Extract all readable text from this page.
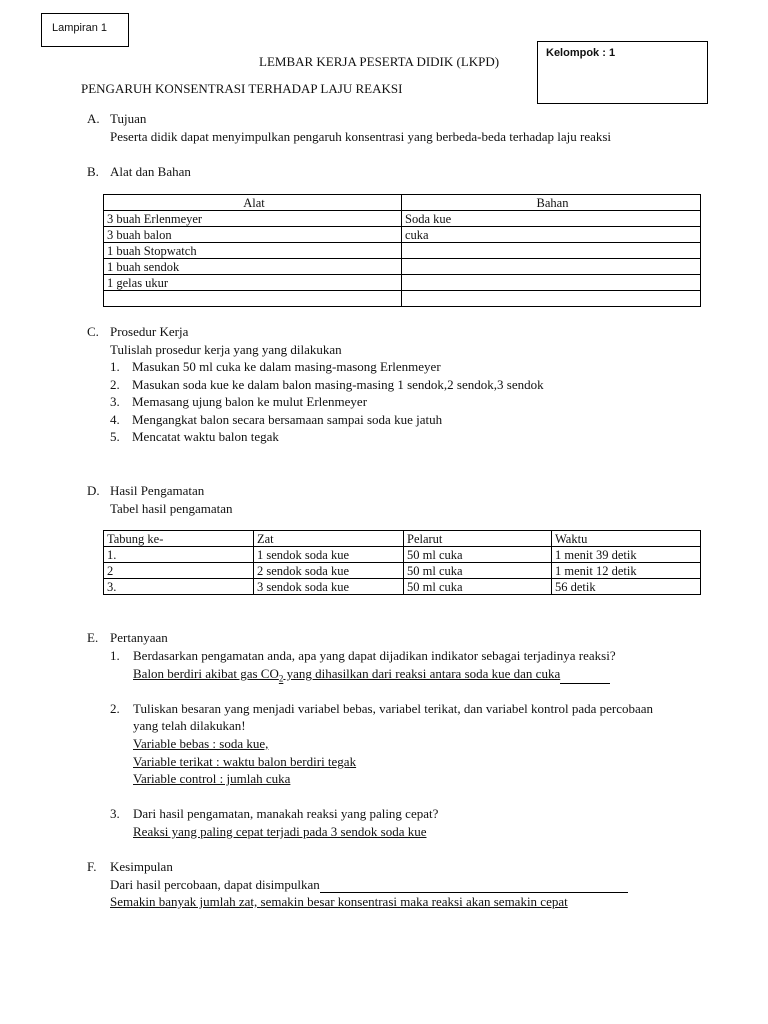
Lampiran 1
Kelompok : 1
LEMBAR KERJA PESERTA DIDIK (LKPD)
PENGARUH KONSENTRASI TERHADAP LAJU REAKSI
A. Tujuan
Peserta didik dapat menyimpulkan pengaruh konsentrasi yang berbeda-beda terhadap laju reaksi
B. Alat dan Bahan
Alat	Bahan
3 buah Erlenmeyer	Soda kue
3 buah balon	cuka
1 buah Stopwatch	
1 buah sendok	
1 gelas ukur	

C. Prosedur Kerja
Tulislah prosedur kerja yang yang dilakukan
1. Masukan 50 ml cuka ke dalam masing-masong Erlenmeyer
2. Masukan soda kue ke dalam balon masing-masing 1 sendok,2 sendok,3 sendok
3. Memasang ujung balon ke mulut Erlenmeyer
4. Mengangkat balon secara bersamaan sampai soda kue jatuh
5. Mencatat waktu balon tegak
D. Hasil Pengamatan
Tabel hasil pengamatan
Tabung ke-	Zat	Pelarut	Waktu
1.	1 sendok soda kue	50 ml cuka	1 menit 39 detik
2	2 sendok soda kue	50 ml cuka	1 menit 12 detik
3.	3 sendok soda kue	50 ml cuka	56 detik
E. Pertanyaan
1. Berdasarkan pengamatan anda, apa yang dapat dijadikan indikator sebagai terjadinya reaksi?
Balon berdiri akibat gas $CO_2$ yang dihasilkan dari reaksi antara soda kue dan cuka
2. Tuliskan besaran yang menjadi variabel bebas, variabel terikat, dan variabel kontrol pada percobaan
yang telah dilakukan!
Variable bebas : soda kue,
Variable terikat : waktu balon berdiri tegak
Variable control : jumlah cuka
3. Dari hasil pengamatan, manakah reaksi yang paling cepat?
Reaksi yang paling cepat terjadi pada 3 sendok soda kue
F. Kesimpulan
Dari hasil percobaan, dapat disimpulkan
Semakin banyak jumlah zat, semakin besar konsentrasi maka reaksi akan semakin cepat
